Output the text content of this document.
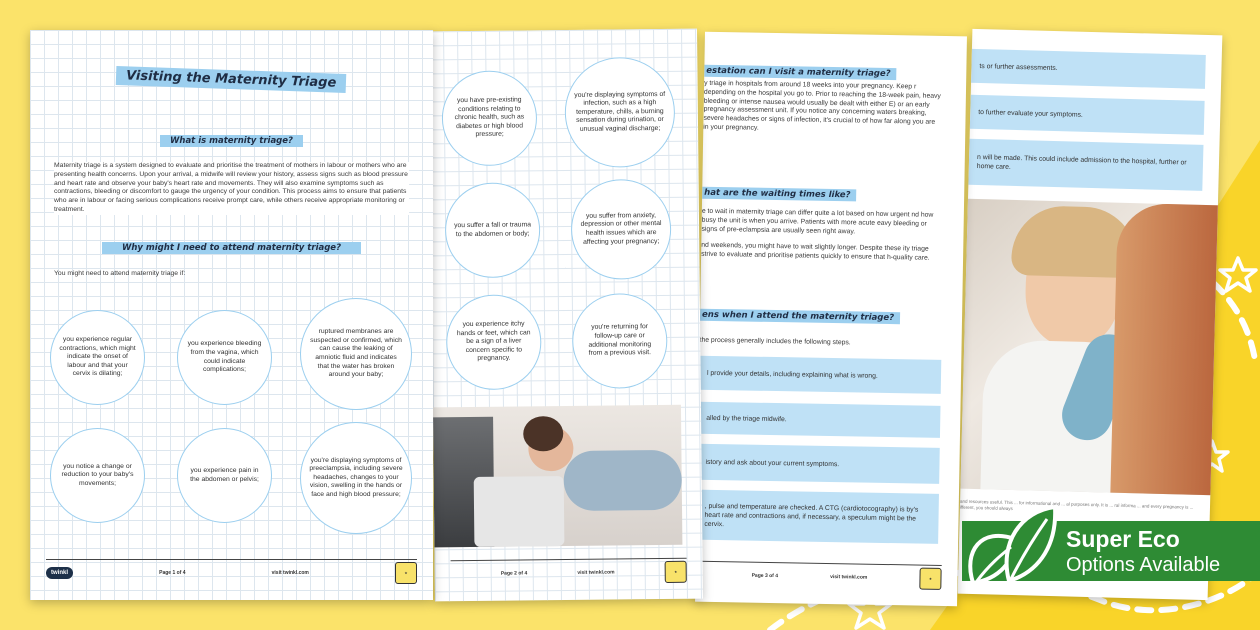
ts or further assessments.
to further evaluate your symptoms.
n will be made. This could include admission to the hospital, further or home care.
and resources useful. This ... for informational and ... al purposes only. It is ... ral informa ... and every pregnancy is ... ifferent, you should always
estation can I visit a maternity triage?
y triage in hospitals from around 18 weeks into your pregnancy. Keep r depending on the hospital you go to. Prior to reaching the 18-week pain, heavy bleeding or intense nausea would usually be dealt with either E) or an early pregnancy assessment unit. If you notice any concerning waters breaking, severe headaches or signs of infection, it's crucial to of how far along you are in your pregnancy.
hat are the waiting times like?
e to wait in maternity triage can differ quite a lot based on how urgent nd how busy the unit is when you arrive. Patients with more acute eavy bleeding or signs of pre-eclampsia are usually seen right away.
nd weekends, you might have to wait slightly longer. Despite these ity triage strive to evaluate and prioritise patients quickly to ensure that h-quality care.
ens when I attend the maternity triage?
the process generally includes the following steps.
l provide your details, including explaining what is wrong.
alled by the triage midwife.
istory and ask about your current symptoms.
, pulse and temperature are checked. A CTG (cardiotocography) is by's heart rate and contractions and, if necessary, a speculum might be the cervix.
Page 3 of 4	visit twinkl.com	★
you have pre-existing conditions relating to chronic health, such as diabetes or high blood pressure;
you're displaying symptoms of infection, such as a high temperature, chills, a burning sensation during urination, or unusual vaginal discharge;
you suffer a fall or trauma to the abdomen or body;
you suffer from anxiety, depression or other mental health issues which are affecting your pregnancy;
you experience itchy hands or feet, which can be a sign of a liver concern specific to pregnancy.
you're returning for follow-up care or additional monitoring from a previous visit.
Page 2 of 4	visit twinkl.com	★
Visiting the Maternity Triage
What is maternity triage?
Maternity triage is a system designed to evaluate and prioritise the treatment of mothers in labour or mothers who are presenting health concerns. Upon your arrival, a midwife will review your history, assess signs such as blood pressure and heart rate and observe your baby's heart rate and movements. They will also examine symptoms such as contractions, bleeding or discomfort to gauge the urgency of your condition. This process aims to ensure that patients who are in labour or facing serious complications receive prompt care, while others receive appropriate monitoring or treatment.
Why might I need to attend maternity triage?
You might need to attend maternity triage if:
you experience regular contractions, which might indicate the onset of labour and that your cervix is dilating;
you experience bleeding from the vagina, which could indicate complications;
ruptured membranes are suspected or confirmed, which can cause the leaking of amniotic fluid and indicates that the water has broken around your baby;
you notice a change or reduction to your baby's movements;
you experience pain in the abdomen or pelvis;
you're displaying symptoms of preeclampsia, including severe headaches, changes to your vision, swelling in the hands or face and high blood pressure;
twinkl	Page 1 of 4	visit twinkl.com	★
Super Eco
Options Available
